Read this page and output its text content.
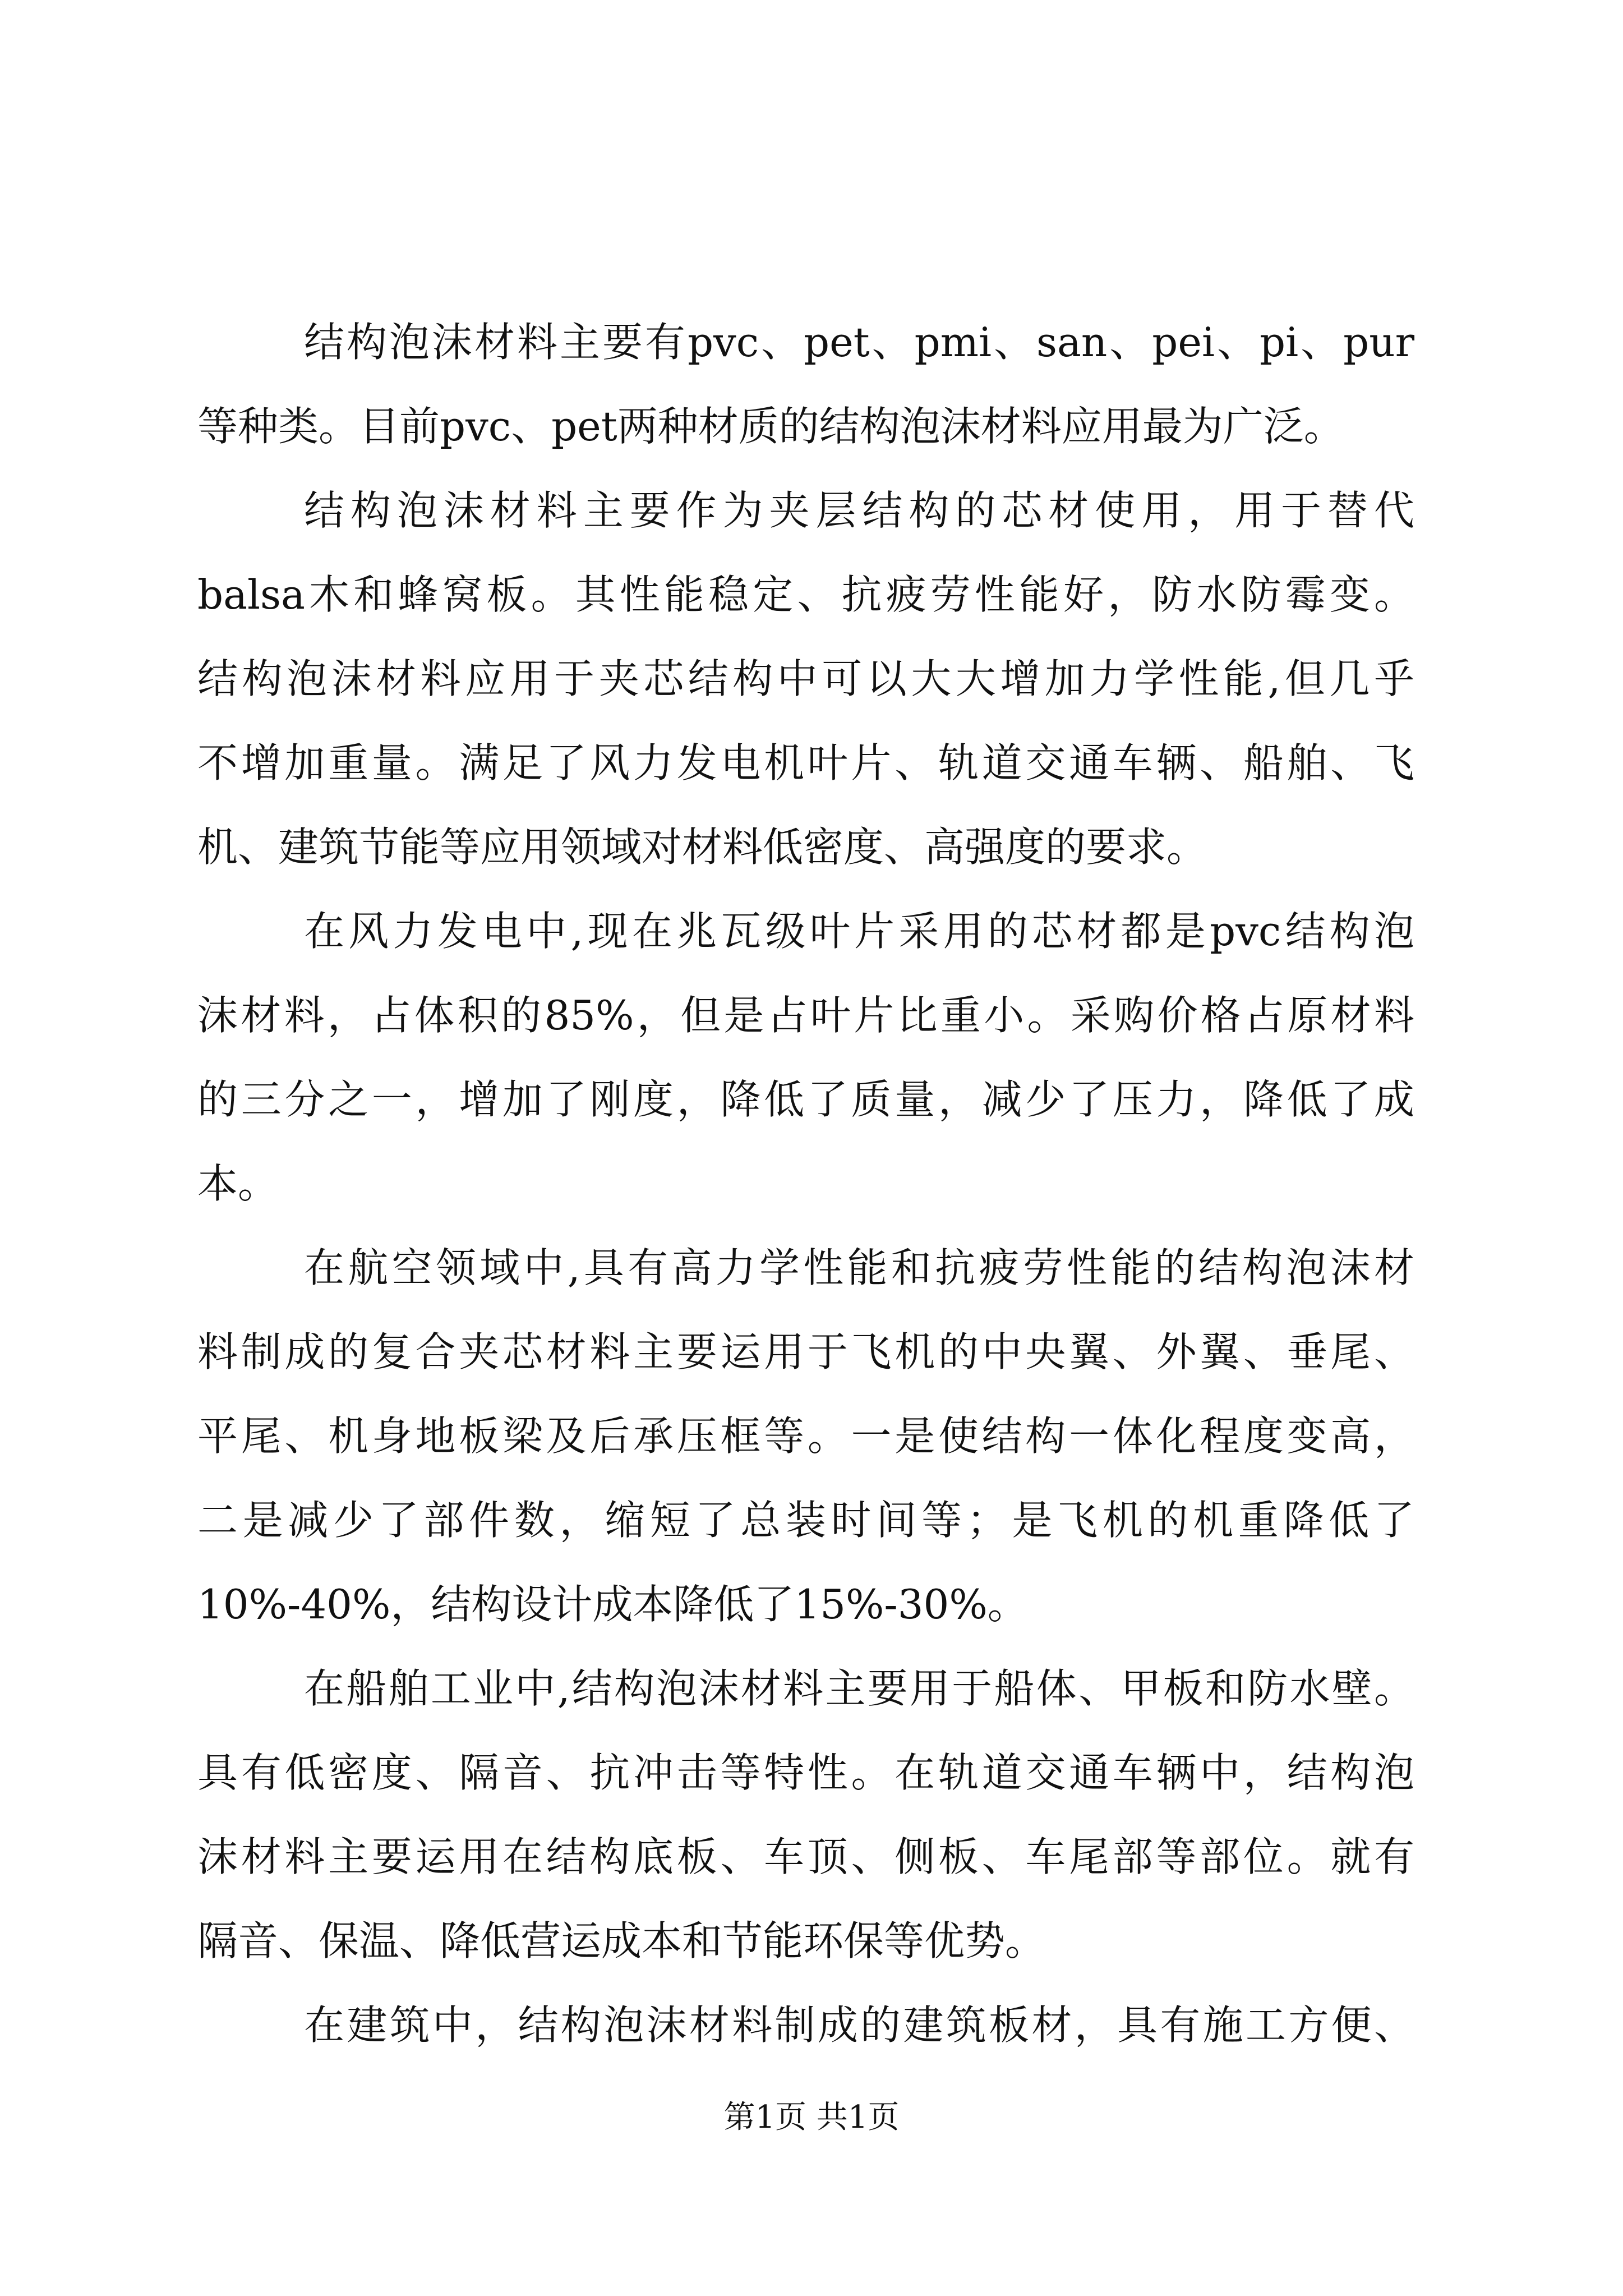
结构泡沫材料主要有pvc、pet、pmi、san、pei、pi、pur
等种类。目前pvc、pet两种材质的结构泡沫材料应用最为广泛。
结构泡沫材料主要作为夹层结构的芯材使用，用于替代
balsa木和蜂窝板。其性能稳定、抗疲劳性能好，防水防霉变。
结构泡沫材料应用于夹芯结构中可以大大增加力学性能,但几乎
不增加重量。满足了风力发电机叶片、轨道交通车辆、船舶、飞
机、建筑节能等应用领域对材料低密度、高强度的要求。
在风力发电中,现在兆瓦级叶片采用的芯材都是pvc结构泡
沫材料，占体积的85%，但是占叶片比重小。采购价格占原材料
的三分之一，增加了刚度，降低了质量，减少了压力，降低了成
本。
在航空领域中,具有高力学性能和抗疲劳性能的结构泡沫材
料制成的复合夹芯材料主要运用于飞机的中央翼、外翼、垂尾、
平尾、机身地板梁及后承压框等。一是使结构一体化程度变高，
二是减少了部件数，缩短了总装时间等；是飞机的机重降低了
10%-40%，结构设计成本降低了15%-30%。
在船舶工业中,结构泡沫材料主要用于船体、甲板和防水壁。
具有低密度、隔音、抗冲击等特性。在轨道交通车辆中，结构泡
沫材料主要运用在结构底板、车顶、侧板、车尾部等部位。就有
隔音、保温、降低营运成本和节能环保等优势。
在建筑中，结构泡沫材料制成的建筑板材，具有施工方便、
第1页 共1页
